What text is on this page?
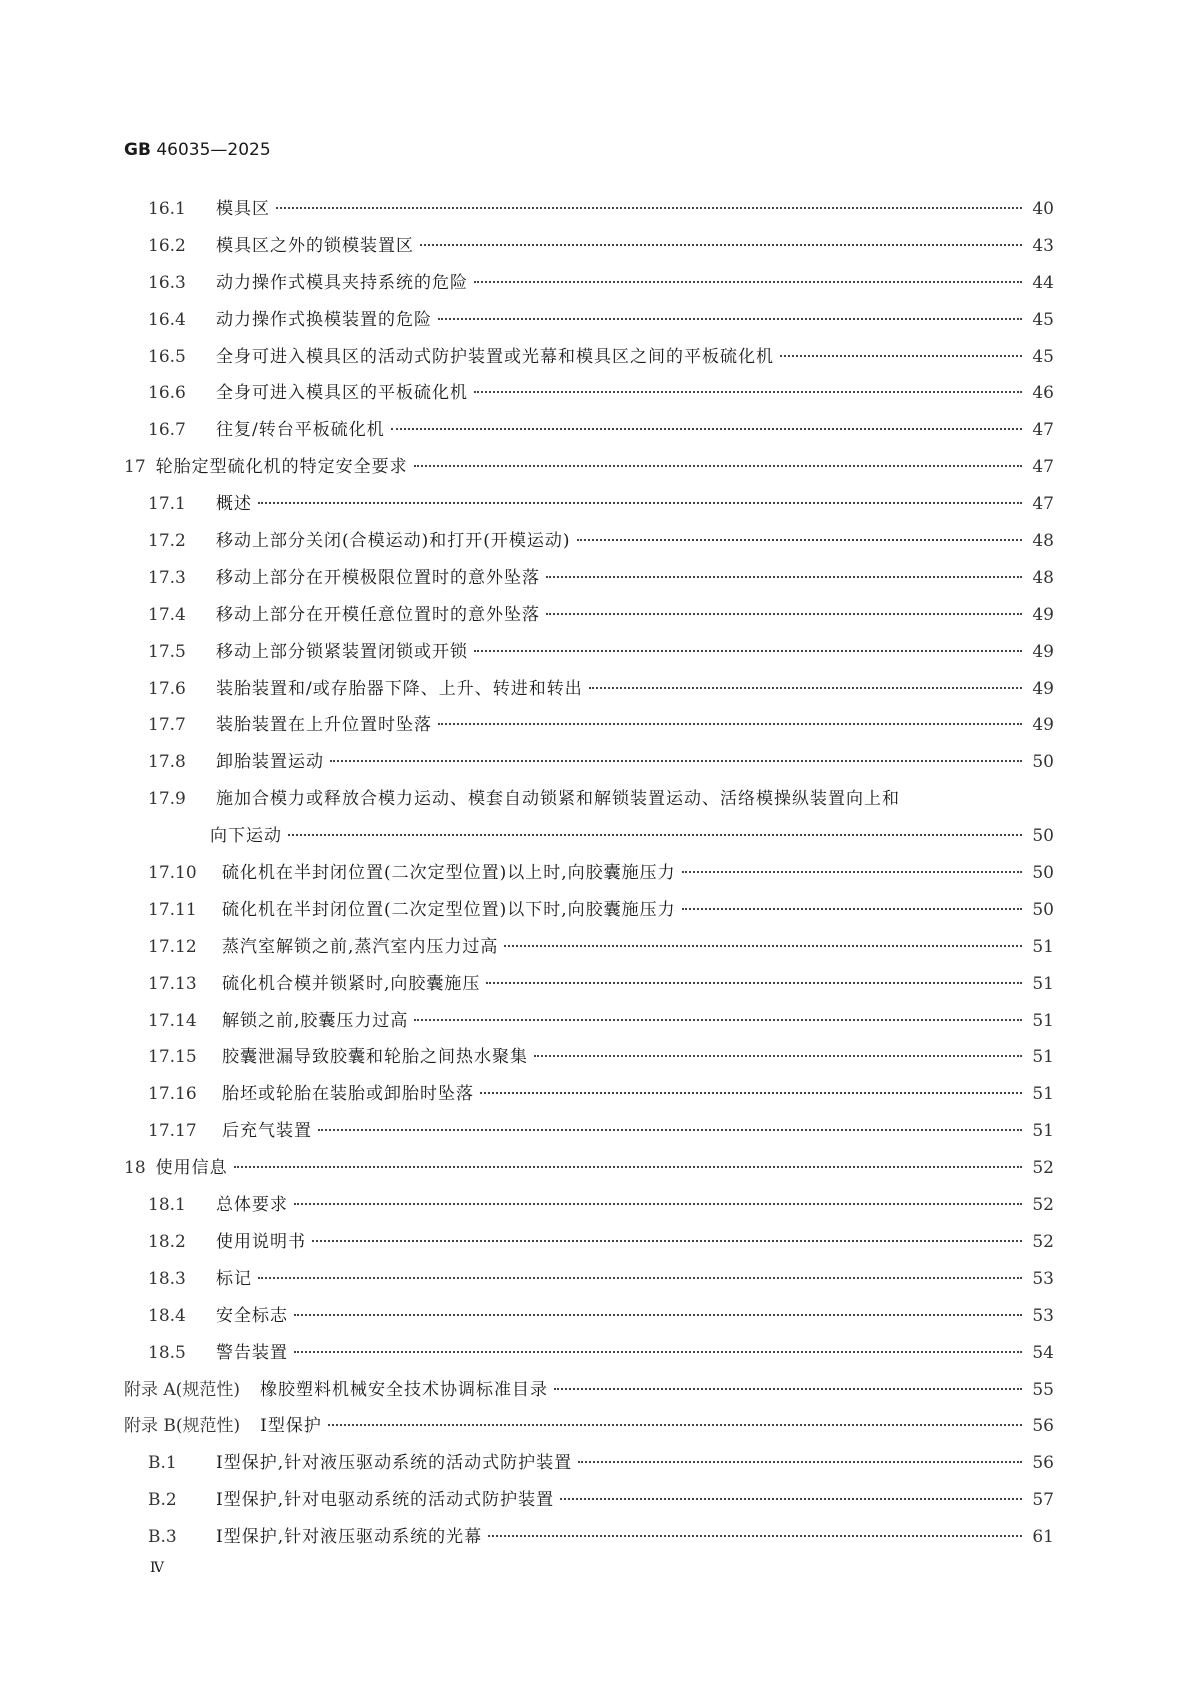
GB 46035—2025
16.1	模具区	40
16.2	模具区之外的锁模装置区	43
16.3	动力操作式模具夹持系统的危险	44
16.4	动力操作式换模装置的危险	45
16.5	全身可进入模具区的活动式防护装置或光幕和模具区之间的平板硫化机	45
16.6	全身可进入模具区的平板硫化机	46
16.7	往复/转台平板硫化机	47
17 轮胎定型硫化机的特定安全要求	47
17.1	概述	47
17.2	移动上部分关闭(合模运动)和打开(开模运动)	48
17.3	移动上部分在开模极限位置时的意外坠落	48
17.4	移动上部分在开模任意位置时的意外坠落	49
17.5	移动上部分锁紧装置闭锁或开锁	49
17.6	装胎装置和/或存胎器下降、上升、转进和转出	49
17.7	装胎装置在上升位置时坠落	49
17.8	卸胎装置运动	50
17.9	施加合模力或释放合模力运动、模套自动锁紧和解锁装置运动、活络模操纵装置向上和
向下运动	50
17.10	硫化机在半封闭位置(二次定型位置)以上时,向胶囊施压力	50
17.11	硫化机在半封闭位置(二次定型位置)以下时,向胶囊施压力	50
17.12	蒸汽室解锁之前,蒸汽室内压力过高	51
17.13	硫化机合模并锁紧时,向胶囊施压	51
17.14	解锁之前,胶囊压力过高	51
17.15	胶囊泄漏导致胶囊和轮胎之间热水聚集	51
17.16	胎坯或轮胎在装胎或卸胎时坠落	51
17.17	后充气装置	51
18 使用信息	52
18.1	总体要求	52
18.2	使用说明书	52
18.3	标记	53
18.4	安全标志	53
18.5	警告装置	54
附录 A(规范性) 橡胶塑料机械安全技术协调标准目录	55
附录 B(规范性) Ⅰ型保护	56
B.1	Ⅰ型保护,针对液压驱动系统的活动式防护装置	56
B.2	Ⅰ型保护,针对电驱动系统的活动式防护装置	57
B.3	Ⅰ型保护,针对液压驱动系统的光幕	61
Ⅳ
